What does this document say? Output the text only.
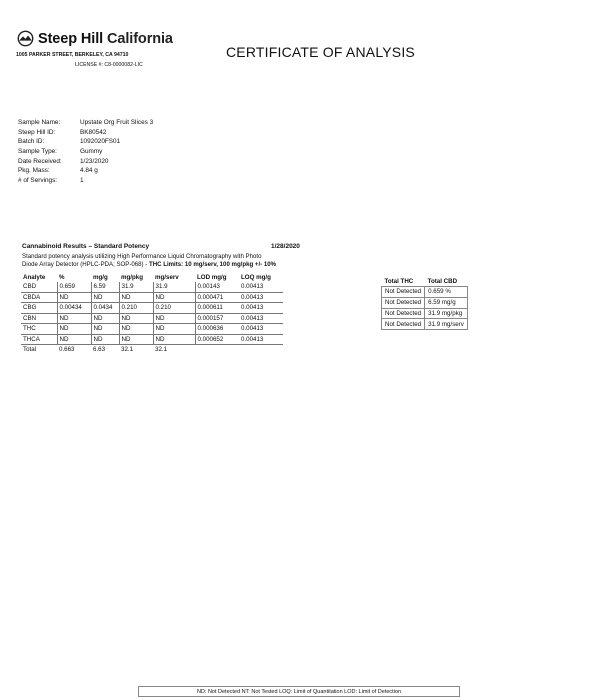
Steep Hill California
1005 PARKER STREET, BERKELEY, CA 94710
LICENSE #: C8-0000082-LIC
CERTIFICATE OF ANALYSIS
Sample Name:	Upstate Org Fruit Slices 3
Steep Hill ID:	BK80542
Batch ID:	1092020FS01
Sample Type:	Gummy
Date Received:	1/23/2020
Pkg. Mass:	4.84 g
# of Servings:	1
Cannabinoid Results – Standard Potency	1/28/2020
Standard potency analysis utilizing High Performance Liquid Chromatography with Photo
Diode Array Detector (HPLC-PDA; SOP-068) - THC Limits: 10 mg/serv, 100 mg/pkg +/- 10%
Analyte	%	mg/g	mg/pkg	mg/serv	LOD mg/g	LOQ mg/g
CBD	0.659	6.59	31.9	31.9	0.00143	0.00413
CBDA	ND	ND	ND	ND	0.000471	0.00413
CBG	0.00434	0.0434	0.210	0.210	0.000611	0.00413
CBN	ND	ND	ND	ND	0.000157	0.00413
THC	ND	ND	ND	ND	0.000636	0.00413
THCA	ND	ND	ND	ND	0.000652	0.00413
Total	0.663	6.63	32.1	32.1		
Total THC	Total CBD
Not Detected	0.659 %
Not Detected	6.59 mg/g
Not Detected	31.9 mg/pkg
Not Detected	31.9 mg/serv
ND: Not Detected NT: Not Tested LOQ: Limit of Quantitation LOD: Limit of Detection
